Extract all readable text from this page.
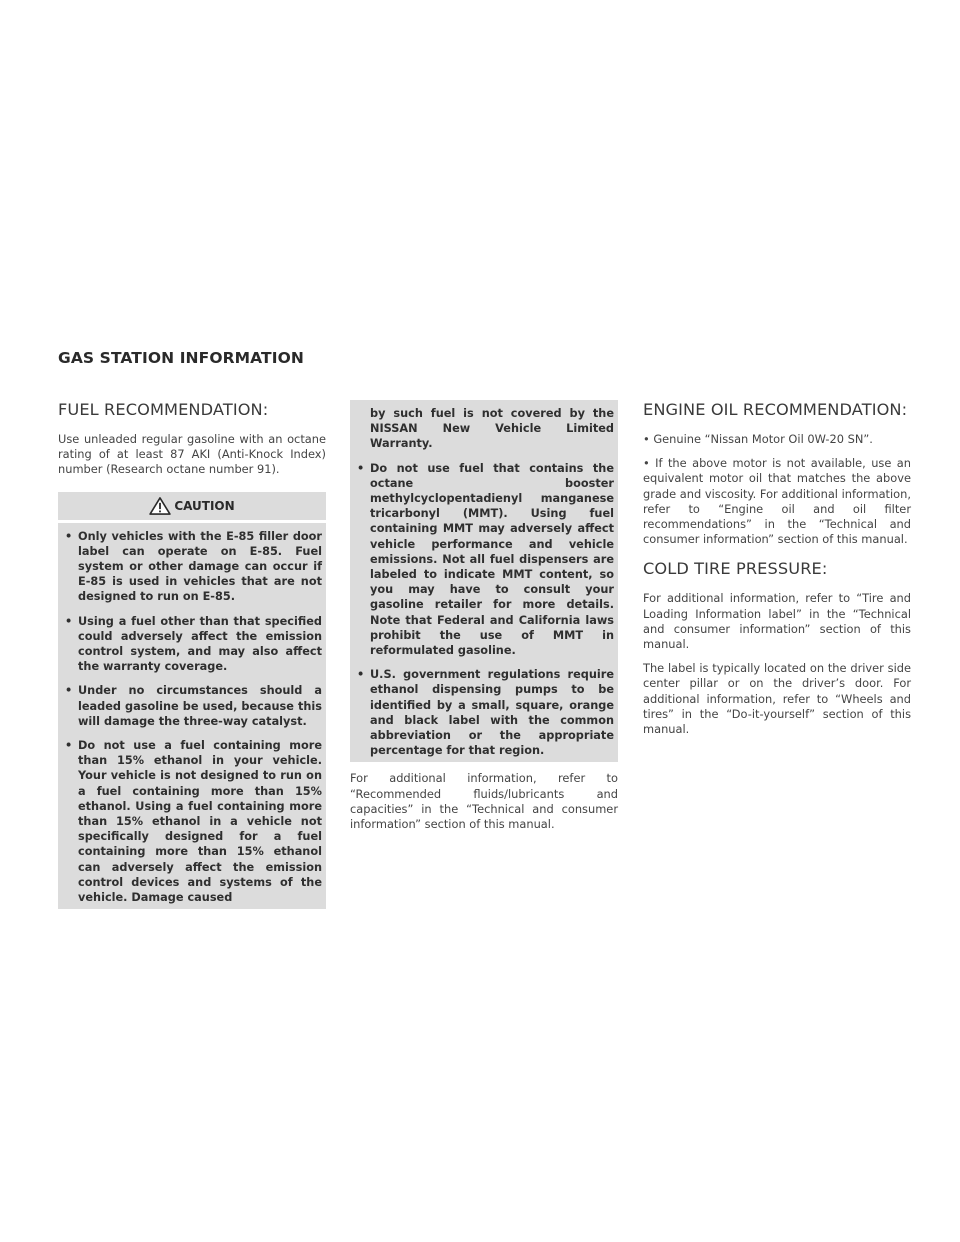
GAS STATION INFORMATION
FUEL RECOMMENDATION:

Use unleaded regular gasoline with an octane rating of at least 87 AKI (Anti-Knock Index) number (Research octane number 91).

CAUTION
• Only vehicles with the E-85 filler door label can operate on E-85. Fuel system or other damage can occur if E-85 is used in vehicles that are not designed to run on E-85.
• Using a fuel other than that specified could adversely affect the emission control system, and may also affect the warranty coverage.
• Under no circumstances should a leaded gasoline be used, because this will damage the three-way catalyst.
• Do not use a fuel containing more than 15% ethanol in your vehicle. Your vehicle is not designed to run on a fuel containing more than 15% ethanol. Using a fuel containing more than 15% ethanol in a vehicle not specifically designed for a fuel containing more than 15% ethanol can adversely affect the emission control devices and systems of the vehicle. Damage caused
by such fuel is not covered by the NISSAN New Vehicle Limited Warranty.
• Do not use fuel that contains the octane booster methylcyclopentadienyl manganese tricarbonyl (MMT). Using fuel containing MMT may adversely affect vehicle performance and vehicle emissions. Not all fuel dispensers are labeled to indicate MMT content, so you may have to consult your gasoline retailer for more details. Note that Federal and California laws prohibit the use of MMT in reformulated gasoline.
• U.S. government regulations require ethanol dispensing pumps to be identified by a small, square, orange and black label with the common abbreviation or the appropriate percentage for that region.

For additional information, refer to “Recommended fluids/lubricants and capacities” in the “Technical and consumer information” section of this manual.

ENGINE OIL RECOMMENDATION:

• Genuine “Nissan Motor Oil 0W-20 SN”.

• If the above motor is not available, use an equivalent motor oil that matches the above grade and viscosity. For additional information, refer to “Engine oil and oil filter recommendations” in the “Technical and consumer information” section of this manual.

COLD TIRE PRESSURE:

For additional information, refer to “Tire and Loading Information label” in the “Technical and consumer information” section of this manual.

The label is typically located on the driver side center pillar or on the driver’s door. For additional information, refer to “Wheels and tires” in the “Do-it-yourself” section of this manual.
